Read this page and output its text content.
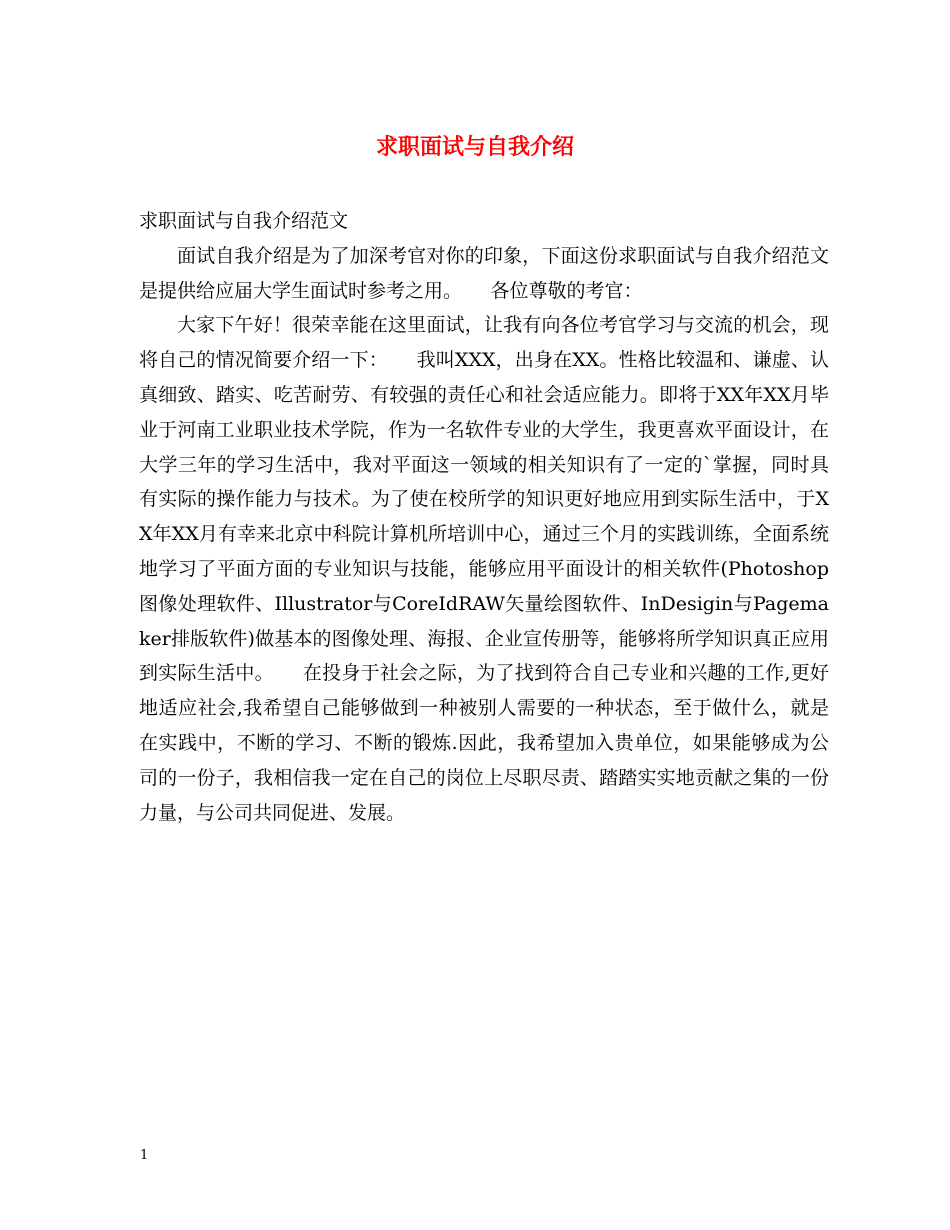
求职面试与自我介绍

求职面试与自我介绍范文

面试自我介绍是为了加深考官对你的印象，下面这份求职面试与自我介绍范文是提供给应届大学生面试时参考之用。　　各位尊敬的考官：

大家下午好！很荣幸能在这里面试，让我有向各位考官学习与交流的机会，现将自己的情况简要介绍一下：　　我叫XXX，出身在XX。性格比较温和、谦虚、认真细致、踏实、吃苦耐劳、有较强的责任心和社会适应能力。即将于XX年XX月毕业于河南工业职业技术学院，作为一名软件专业的大学生，我更喜欢平面设计，在大学三年的学习生活中，我对平面这一领域的相关知识有了一定的`掌握，同时具有实际的操作能力与技术。为了使在校所学的知识更好地应用到实际生活中，于XX年XX月有幸来北京中科院计算机所培训中心，通过三个月的实践训练，全面系统地学习了平面方面的专业知识与技能，能够应用平面设计的相关软件(Photoshop图像处理软件、Illustrator与CoreIdRAW矢量绘图软件、InDesigin与Pagemaker排版软件)做基本的图像处理、海报、企业宣传册等，能够将所学知识真正应用到实际生活中。　　在投身于社会之际，为了找到符合自己专业和兴趣的工作,更好地适应社会,我希望自己能够做到一种被别人需要的一种状态，至于做什么，就是在实践中，不断的学习、不断的锻炼.因此，我希望加入贵单位，如果能够成为公司的一份子，我相信我一定在自己的岗位上尽职尽责、踏踏实实地贡献之集的一份力量，与公司共同促进、发展。

1
